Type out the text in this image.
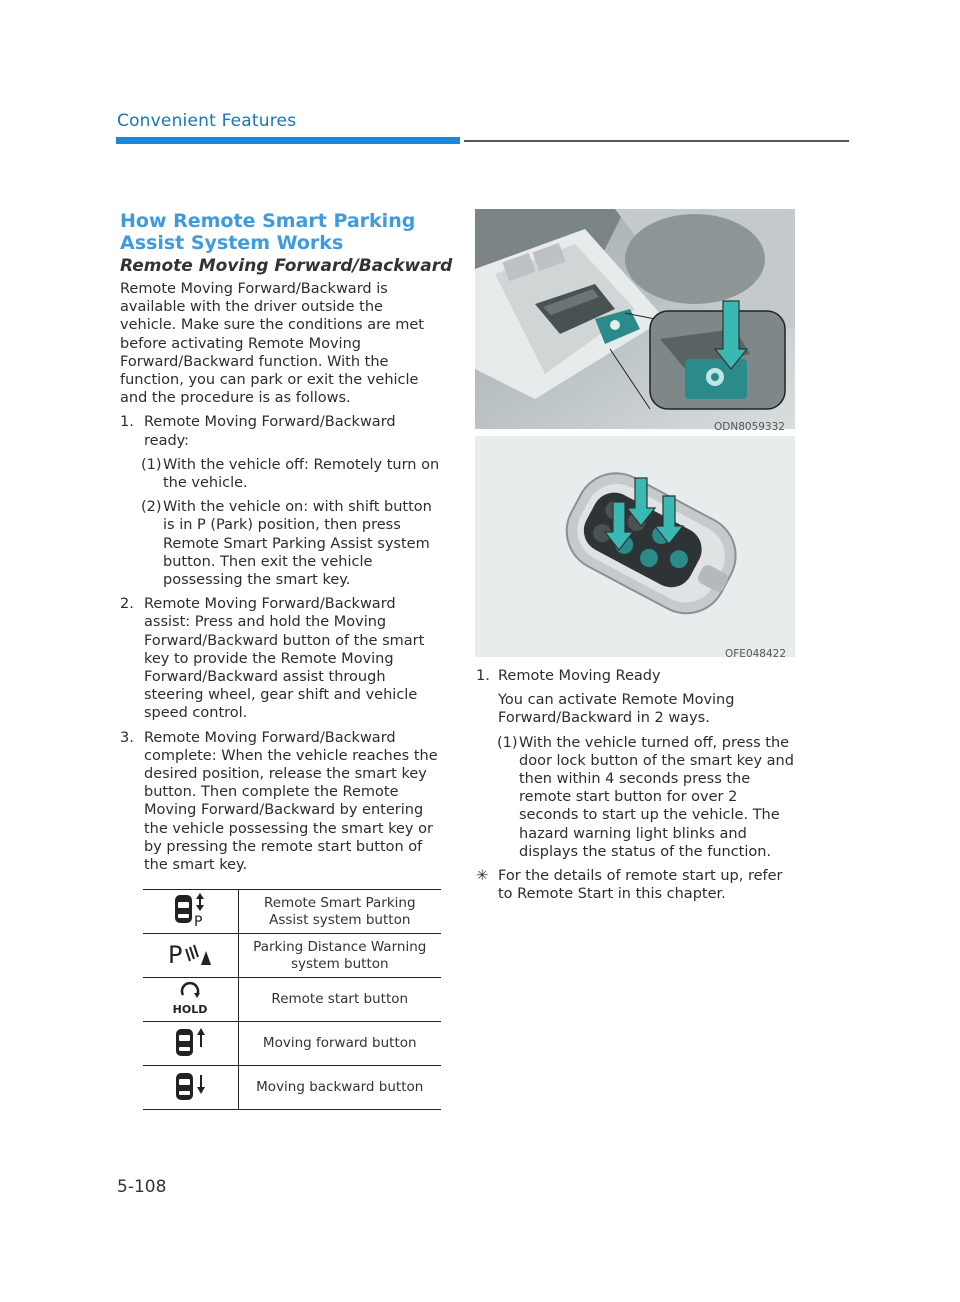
Convenient Features
How Remote Smart Parking Assist System Works
Remote Moving Forward/Backward

Remote Moving Forward/Backward is available with the driver outside the vehicle. Make sure the conditions are met before activating Remote Moving Forward/Backward function. With the function, you can park or exit the vehicle and the procedure is as follows.

1. Remote Moving Forward/Backward ready:
(1) With the vehicle off: Remotely turn on the vehicle.
(2) With the vehicle on: with shift button is in P (Park) position, then press Remote Smart Parking Assist system button. Then exit the vehicle possessing the smart key.
2. Remote Moving Forward/Backward assist: Press and hold the Moving Forward/Backward button of the smart key to provide the Remote Moving Forward/Backward assist through steering wheel, gear shift and vehicle speed control.
3. Remote Moving Forward/Backward complete: When the vehicle reaches the desired position, release the smart key button. Then complete the Remote Moving Forward/Backward by entering the vehicle possessing the smart key or by pressing the remote start button of the smart key.
P	Remote Smart Parking Assist system button

P	Parking Distance Warning system button

HOLD	Remote start button
	Moving forward button
	Moving backward button
ODN8059332
OFE048422
1. Remote Moving Ready
You can activate Remote Moving Forward/Backward in 2 ways.
(1) With the vehicle turned off, press the door lock button of the smart key and then within 4 seconds press the remote start button for over 2 seconds to start up the vehicle. The hazard warning light blinks and displays the status of the function.
✳ For the details of remote start up, refer to Remote Start in this chapter.
5-108
